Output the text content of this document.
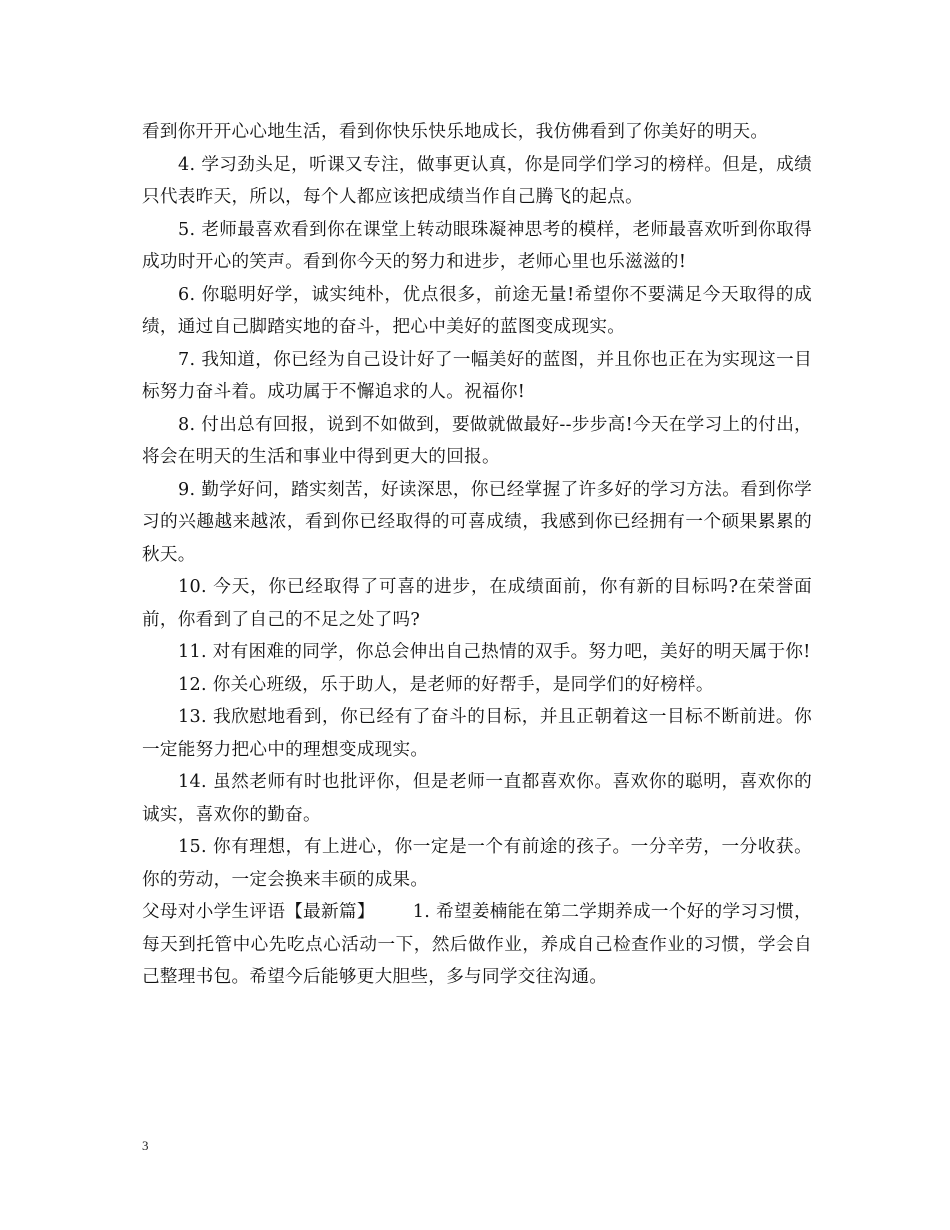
看到你开开心心地生活，看到你快乐快乐地成长，我仿佛看到了你美好的明天。

4. 学习劲头足，听课又专注，做事更认真，你是同学们学习的榜样。但是，成绩只代表昨天，所以，每个人都应该把成绩当作自己腾飞的起点。

5. 老师最喜欢看到你在课堂上转动眼珠凝神思考的模样，老师最喜欢听到你取得成功时开心的笑声。看到你今天的努力和进步，老师心里也乐滋滋的!

6. 你聪明好学，诚实纯朴，优点很多，前途无量!希望你不要满足今天取得的成绩，通过自己脚踏实地的奋斗，把心中美好的蓝图变成现实。

7. 我知道，你已经为自己设计好了一幅美好的蓝图，并且你也正在为实现这一目标努力奋斗着。成功属于不懈追求的人。祝福你!

8. 付出总有回报，说到不如做到，要做就做最好--步步高!今天在学习上的付出，将会在明天的生活和事业中得到更大的回报。

9. 勤学好问，踏实刻苦，好读深思，你已经掌握了许多好的学习方法。看到你学习的兴趣越来越浓，看到你已经取得的可喜成绩，我感到你已经拥有一个硕果累累的秋天。

10. 今天，你已经取得了可喜的进步，在成绩面前，你有新的目标吗?在荣誉面前，你看到了自己的不足之处了吗?

11. 对有困难的同学，你总会伸出自己热情的双手。努力吧，美好的明天属于你!

12. 你关心班级，乐于助人，是老师的好帮手，是同学们的好榜样。

13. 我欣慰地看到，你已经有了奋斗的目标，并且正朝着这一目标不断前进。你一定能努力把心中的理想变成现实。

14. 虽然老师有时也批评你，但是老师一直都喜欢你。喜欢你的聪明，喜欢你的诚实，喜欢你的勤奋。

15. 你有理想，有上进心，你一定是一个有前途的孩子。一分辛劳，一分收获。你的劳动，一定会换来丰硕的成果。

父母对小学生评语【最新篇】 1. 希望姜楠能在第二学期养成一个好的学习习惯，每天到托管中心先吃点心活动一下，然后做作业，养成自己检查作业的习惯，学会自己整理书包。希望今后能够更大胆些，多与同学交往沟通。

3
